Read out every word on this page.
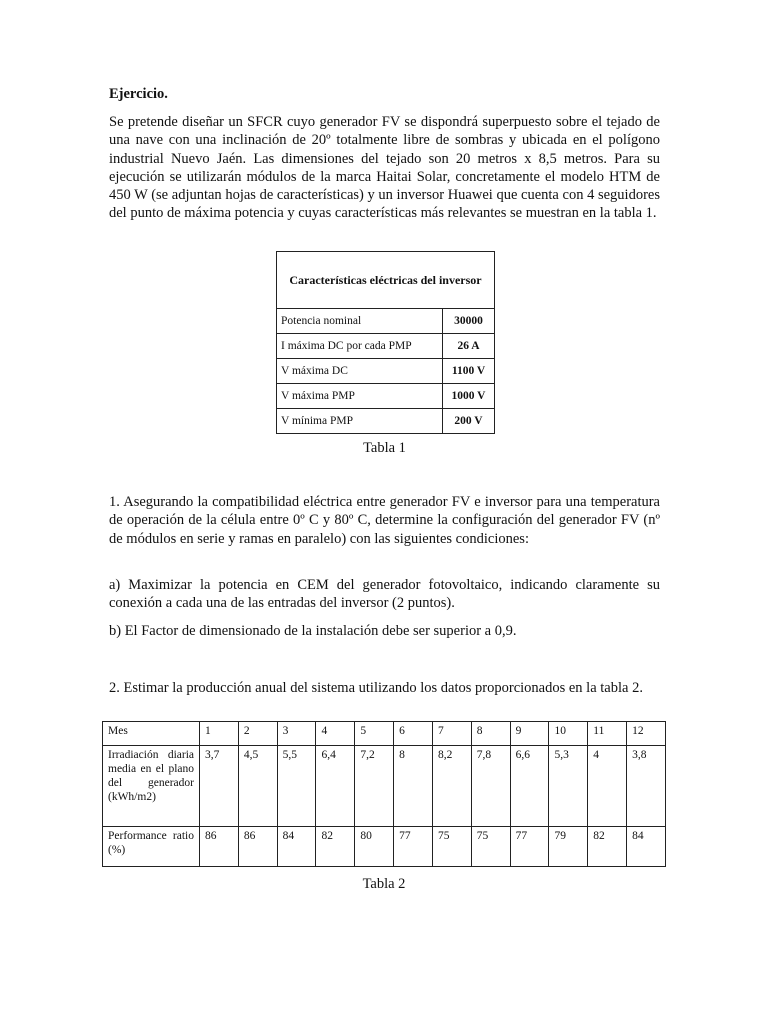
Ejercicio.

Se pretende diseñar un SFCR cuyo generador FV se dispondrá superpuesto sobre el tejado de una nave con una inclinación de 20º totalmente libre de sombras y ubicada en el polígono industrial Nuevo Jaén. Las dimensiones del tejado son 20 metros x 8,5 metros. Para su ejecución se utilizarán módulos de la marca Haitai Solar, concretamente el modelo HTM de 450 W (se adjuntan hojas de características) y un inversor Huawei que cuenta con 4 seguidores del punto de máxima potencia y cuyas características más relevantes se muestran en la tabla 1.

Características eléctricas del inversor	
Potencia nominal	30000
I máxima DC por cada PMP	26 A
V máxima DC	1100 V
V máxima PMP	1000 V
V mínima PMP	200 V
Tabla 1

1. Asegurando la compatibilidad eléctrica entre generador FV e inversor para una temperatura de operación de la célula entre 0º C y 80º C, determine la configuración del generador FV (nº de módulos en serie y ramas en paralelo) con las siguientes condiciones:

a) Maximizar la potencia en CEM del generador fotovoltaico, indicando claramente su conexión a cada una de las entradas del inversor (2 puntos).

b) El Factor de dimensionado de la instalación debe ser superior a 0,9.

2. Estimar la producción anual del sistema utilizando los datos proporcionados en la tabla 2.

Mes	1	2	3	4	5	6	7	8	9	10	11	12
Irradiación diaria media en el plano del generador (kWh/m2)	3,7	4,5	5,5	6,4	7,2	8	8,2	7,8	6,6	5,3	4	3,8
Performance ratio (%)	86	86	84	82	80	77	75	75	77	79	82	84
Tabla 2
